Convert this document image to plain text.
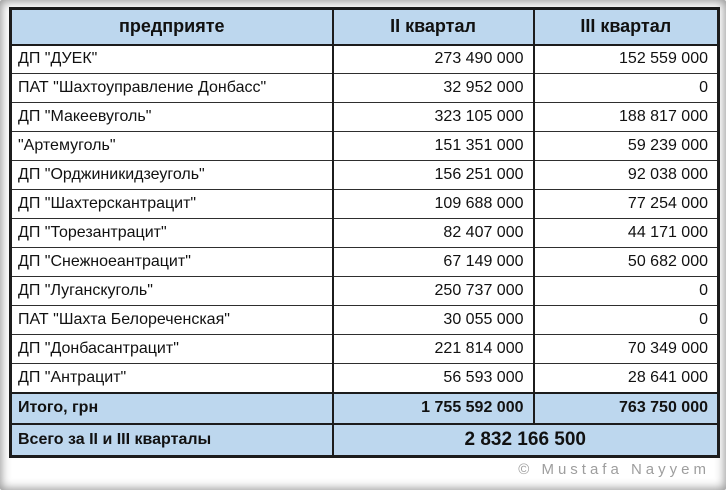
предприяте	II квартал	III квартал
ДП "ДУЕК"	273 490 000	152 559 000
ПАТ "Шахтоуправление Донбасс"	32 952 000	0
ДП "Макеевуголь"	323 105 000	188 817 000
"Артемуголь"	151 351 000	59 239 000
ДП "Орджиникидзеуголь"	156 251 000	92 038 000
ДП "Шахтерскантрацит"	109 688 000	77 254 000
ДП "Торезантрацит"	82 407 000	44 171 000
ДП "Снежноеантрацит"	67 149 000	50 682 000
ДП "Луганскуголь"	250 737 000	0
ПАТ "Шахта Белореченская"	30 055 000	0
ДП "Донбасантрацит"	221 814 000	70 349 000
ДП "Антрацит"	56 593 000	28 641 000
Итого, грн	1 755 592 000	763 750 000
Всего за II и III кварталы	2 832 166 500	
© Mustafa Nayyem
